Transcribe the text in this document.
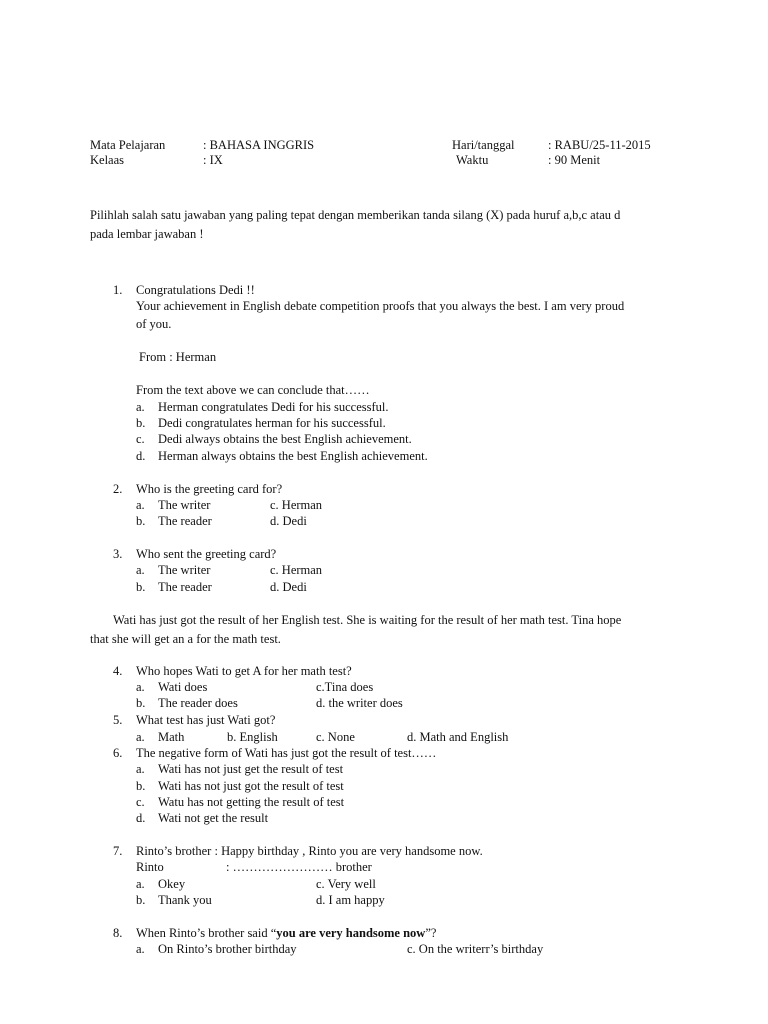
Mata Pelajaran	: BAHASA INGGRIS	Hari/tanggal	: RABU/25-11-2015
Kelaas	: IX	Waktu	: 90 Menit
Pilihlah salah satu jawaban yang paling tepat dengan memberikan tanda silang (X) pada huruf a,b,c atau d
pada lembar jawaban !
1. Congratulations Dedi !!
Your achievement in English debate competition proofs that you always the best. I am very proud
of you.
From : Herman
From the text above we can conclude that……
a. Herman congratulates Dedi for his successful.
b. Dedi congratulates herman for his successful.
c. Dedi always obtains the best English achievement.
d. Herman always obtains the best English achievement.
2. Who is the greeting card for?
a. The writer	c. Herman
b. The reader	d. Dedi
3. Who sent the greeting card?
a. The writer	c. Herman
b. The reader	d. Dedi
Wati has just got the result of her English test. She is waiting for the result of her math test. Tina hope
that she will get an a for the math test.
4. Who hopes Wati to get A for her math test?
a. Wati does	c.Tina does
b. The reader does	d. the writer does
5. What test has just Wati got?
a. Math	b. English	c. None	d. Math and English
6. The negative form of Wati has just got the result of test……
a. Wati has not just get the result of test
b. Wati has not just got the result of test
c. Watu has not getting the result of test
d. Wati not get the result
7. Rinto’s brother : Happy birthday , Rinto you are very handsome now.
Rinto	: …………………… brother
a. Okey	c. Very well
b. Thank you	d. I am happy
8. When Rinto’s brother said “you are very handsome now”?
a. On Rinto’s brother birthday	c. On the writerr’s birthday
